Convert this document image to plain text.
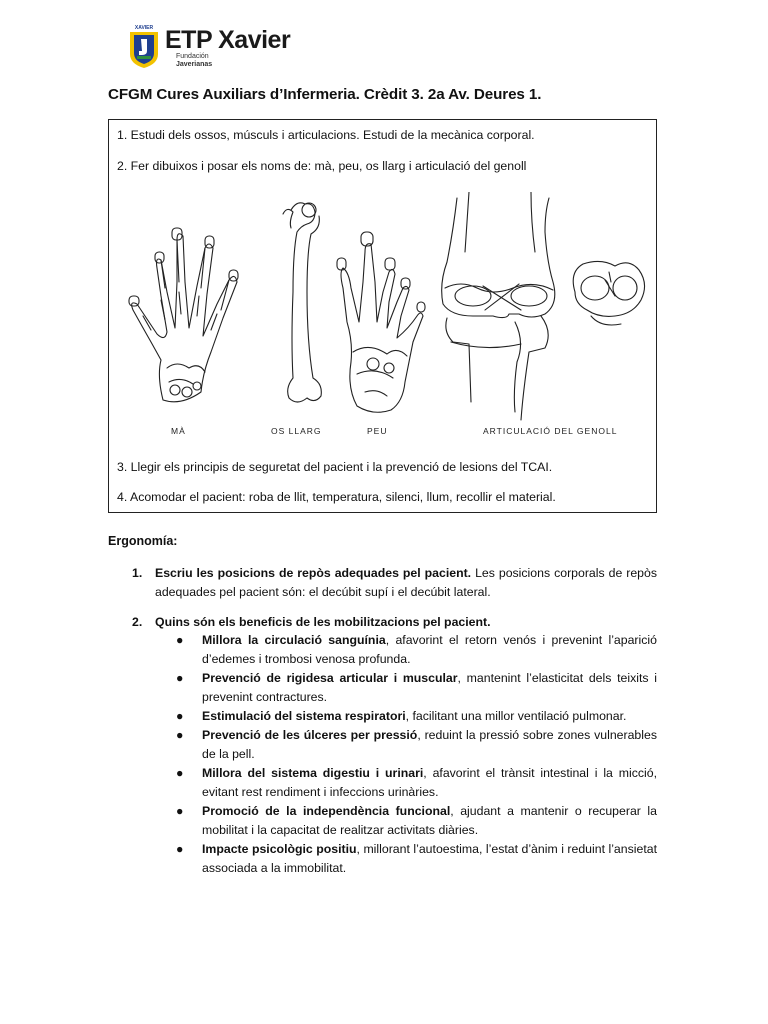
XAVIER ETP Xavier
Fundación
Javerianas
CFGM Cures Auxiliars d’Infermeria. Crèdit 3. 2a Av. Deures 1.
1. Estudi dels ossos, músculs i articulacions. Estudi de la mecànica corporal.
2. Fer dibuixos i posar els noms de: mà, peu, os llarg i articulació del genoll
MÀ	OS LLARG	PEU	ARTICULACIÓ DEL GENOLL
3. Llegir els principis de seguretat del pacient i la prevenció de lesions del TCAI.
4. Acomodar el pacient: roba de llit, temperatura, silenci, llum, recollir el material.
Ergonomía:
1. Escriu les posicions de repòs adequades pel pacient. Les posicions corporals de repòs adequades pel pacient són: el decúbit supí i el decúbit lateral.
2. Quins són els beneficis de les mobilitzacions pel pacient.
● Millora la circulació sanguínia, afavorint el retorn venós i prevenint l’aparició d’edemes i trombosi venosa profunda.
● Prevenció de rigidesa articular i muscular, mantenint l’elasticitat dels teixits i prevenint contractures.
● Estimulació del sistema respiratori, facilitant una millor ventilació pulmonar.
● Prevenció de les úlceres per pressió, reduint la pressió sobre zones vulnerables de la pell.
● Millora del sistema digestiu i urinari, afavorint el trànsit intestinal i la micció, evitant rest rendiment i infeccions urinàries.
● Promoció de la independència funcional, ajudant a mantenir o recuperar la mobilitat i la capacitat de realitzar activitats diàries.
● Impacte psicològic positiu, millorant l’autoestima, l’estat d’ànim i reduint l’ansietat associada a la immobilitat.
